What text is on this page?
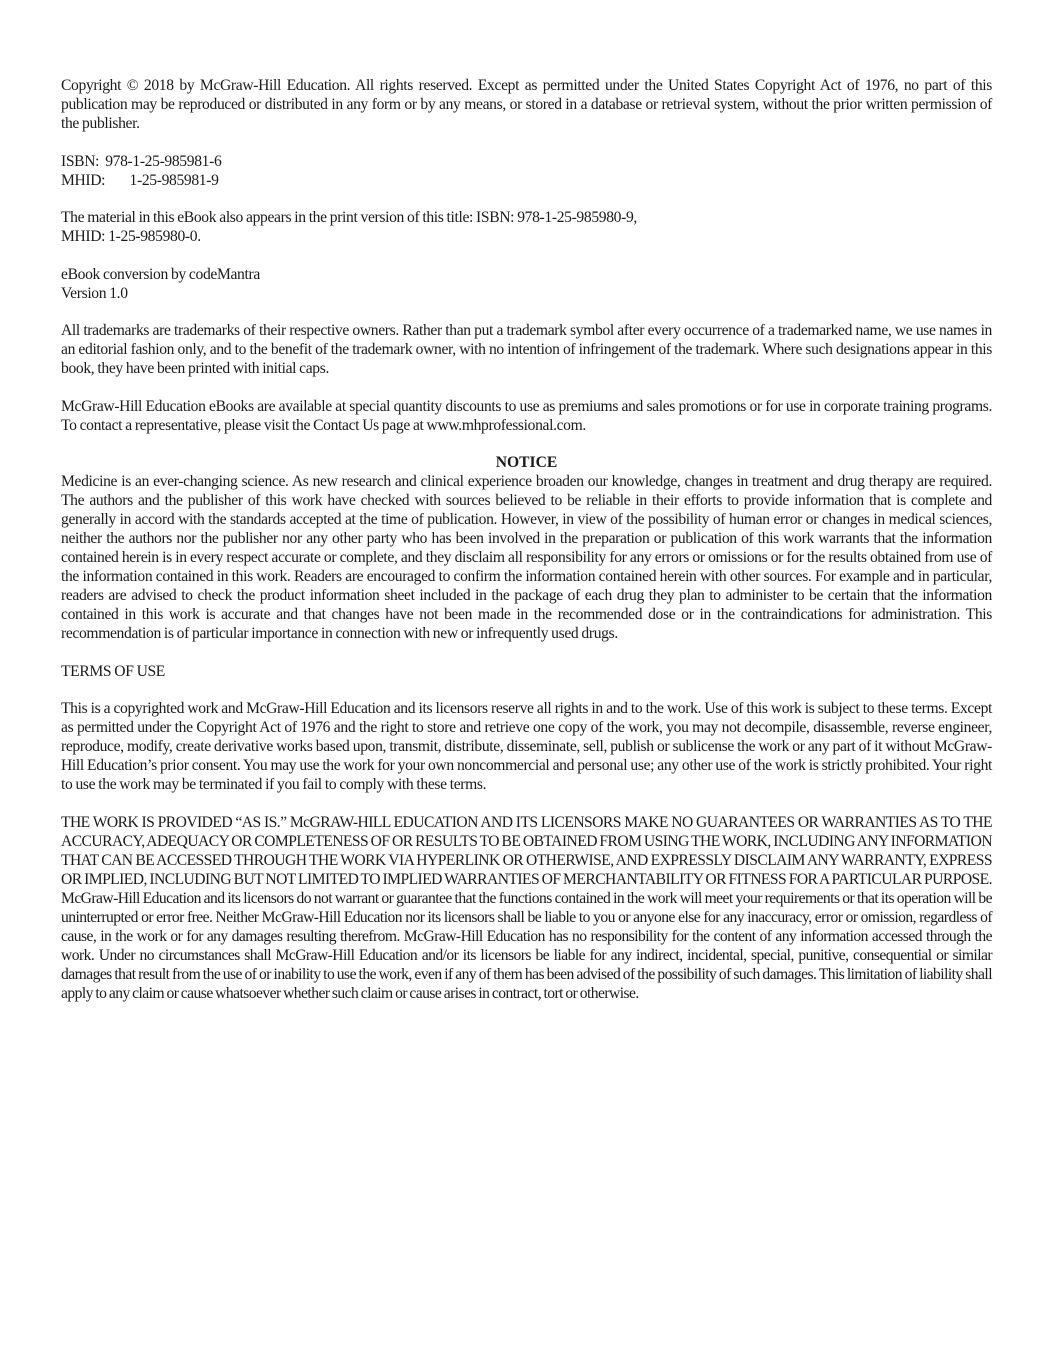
Copyright © 2018 by McGraw-Hill Education. All rights reserved. Except as permitted under the United States Copyright Act of 1976, no part of this publication may be reproduced or distributed in any form or by any means, or stored in a database or retrieval system, without the prior written permission of the publisher.

ISBN:  978-1-25-985981-6
MHID:        1-25-985981-9

The material in this eBook also appears in the print version of this title: ISBN: 978-1-25-985980-9,
MHID: 1-25-985980-0.

eBook conversion by codeMantra
Version 1.0

All trademarks are trademarks of their respective owners. Rather than put a trademark symbol after every occurrence of a trademarked name, we use names in an editorial fashion only, and to the benefit of the trademark owner, with no intention of infringement of the trademark. Where such designations appear in this book, they have been printed with initial caps.

McGraw-Hill Education eBooks are available at special quantity discounts to use as premiums and sales promotions or for use in corporate training programs. To contact a representative, please visit the Contact Us page at www.mhprofessional.com.

NOTICE

Medicine is an ever-changing science. As new research and clinical experience broaden our knowledge, changes in treatment and drug therapy are required. The authors and the publisher of this work have checked with sources believed to be reliable in their efforts to provide information that is complete and generally in accord with the standards accepted at the time of publication. However, in view of the possibility of human error or changes in medical sciences, neither the authors nor the publisher nor any other party who has been involved in the preparation or publication of this work warrants that the information contained herein is in every respect accurate or complete, and they disclaim all responsibility for any errors or omissions or for the results obtained from use of the information contained in this work. Readers are encouraged to confirm the information contained herein with other sources. For example and in particular, readers are advised to check the product information sheet included in the package of each drug they plan to administer to be certain that the information contained in this work is accurate and that changes have not been made in the recommended dose or in the contraindications for administration. This recommendation is of particular importance in connection with new or infrequently used drugs.

TERMS OF USE

This is a copyrighted work and McGraw-Hill Education and its licensors reserve all rights in and to the work. Use of this work is subject to these terms. Except as permitted under the Copyright Act of 1976 and the right to store and retrieve one copy of the work, you may not decompile, disassemble, reverse engineer, reproduce, modify, create derivative works based upon, transmit, distribute, disseminate, sell, publish or sublicense the work or any part of it without McGraw-Hill Education’s prior consent. You may use the work for your own noncommercial and personal use; any other use of the work is strictly prohibited. Your right to use the work may be terminated if you fail to comply with these terms.

THE WORK IS PROVIDED “AS IS.” McGRAW-HILL EDUCATION AND ITS LICENSORS MAKE NO GUARANTEES OR WARRANTIES AS TO THE ACCURACY, ADEQUACY OR COMPLETENESS OF OR RESULTS TO BE OBTAINED FROM USING THE WORK, INCLUDING ANY INFORMATION THAT CAN BE ACCESSED THROUGH THE WORK VIA HYPERLINK OR OTHERWISE, AND EXPRESSLY DISCLAIM ANY WARRANTY, EXPRESS OR IMPLIED, INCLUDING BUT NOT LIMITED TO IMPLIED WARRANTIES OF MERCHANTABILITY OR FITNESS FOR A PARTICULAR PURPOSE. McGraw-Hill Education and its licensors do not warrant or guarantee that the functions contained in the work will meet your requirements or that its operation will be uninterrupted or error free. Neither McGraw-Hill Education nor its licensors shall be liable to you or anyone else for any inaccuracy, error or omission, regardless of cause, in the work or for any damages resulting therefrom. McGraw-Hill Education has no responsibility for the content of any information accessed through the work. Under no circumstances shall McGraw-Hill Education and/or its licensors be liable for any indirect, incidental, special, punitive, consequential or similar damages that result from the use of or inability to use the work, even if any of them has been advised of the possibility of such damages. This limitation of liability shall apply to any claim or cause whatsoever whether such claim or cause arises in contract, tort or otherwise.
